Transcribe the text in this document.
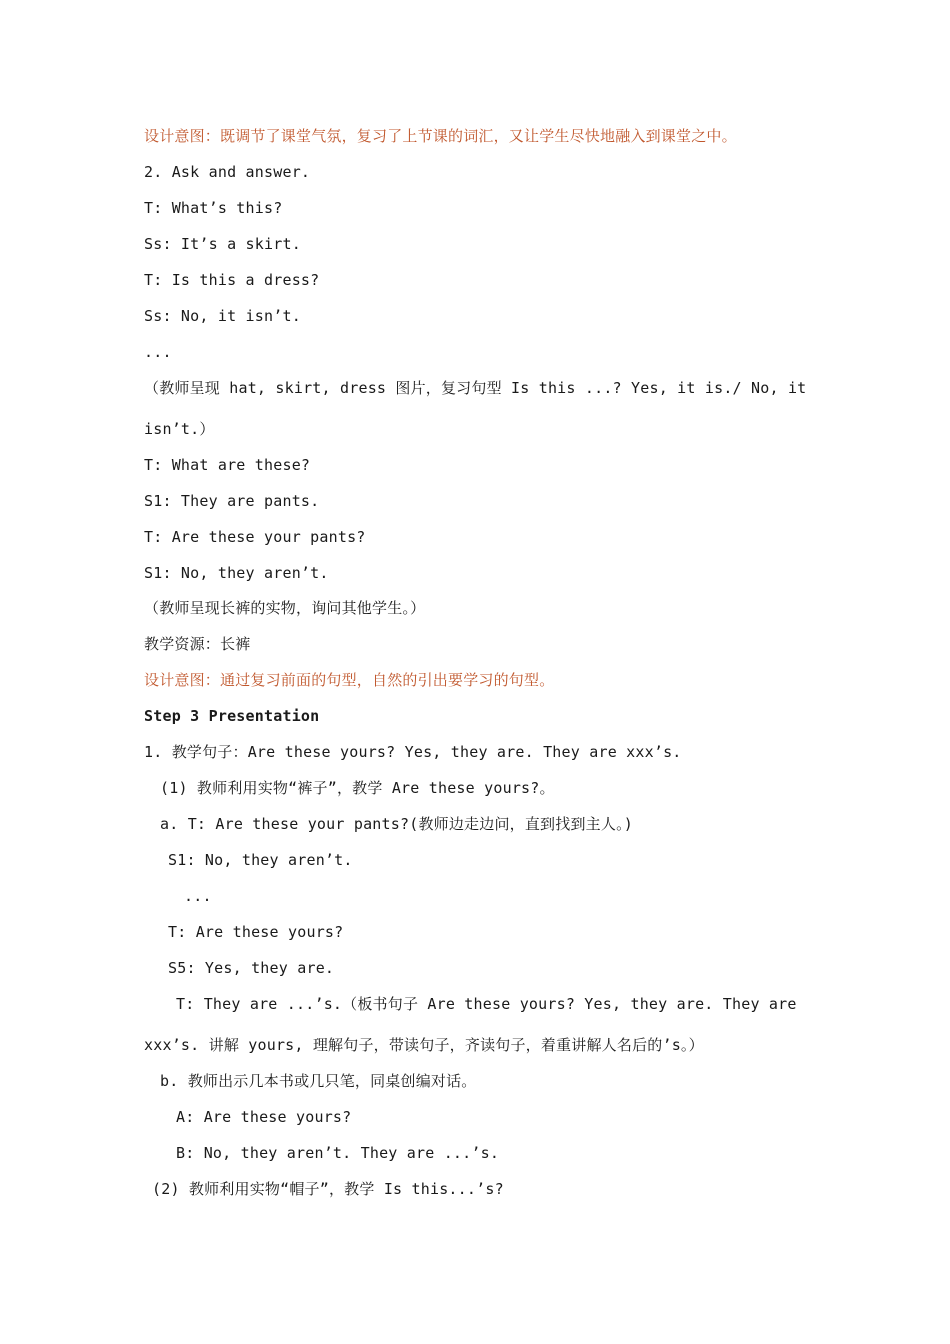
设计意图：既调节了课堂气氛，复习了上节课的词汇，又让学生尽快地融入到课堂之中。
2. Ask and answer.
T: What’s this?
Ss: It’s a skirt.
T: Is this a dress?
Ss: No, it isn’t.
...
（教师呈现 hat, skirt, dress 图片，复习句型 Is this ...? Yes, it is./ No, it
isn’t.）
T: What are these?
S1: They are pants.
T: Are these your pants?
S1: No, they aren’t.
（教师呈现长裤的实物，询问其他学生。）
教学资源：长裤
设计意图：通过复习前面的句型，自然的引出要学习的句型。
Step 3 Presentation
1. 教学句子：Are these yours? Yes, they are. They are xxx’s.
(1) 教师利用实物“裤子”，教学 Are these yours?。
a. T: Are these your pants?(教师边走边问，直到找到主人。)
S1: No, they aren’t.
...
T: Are these yours?
S5: Yes, they are.
T: They are ...’s.（板书句子 Are these yours? Yes, they are. They are
xxx’s. 讲解 yours, 理解句子，带读句子，齐读句子，着重讲解人名后的’s。）
b. 教师出示几本书或几只笔，同桌创编对话。
A: Are these yours?
B: No, they aren’t. They are ...’s.
(2) 教师利用实物“帽子”，教学 Is this...’s?
